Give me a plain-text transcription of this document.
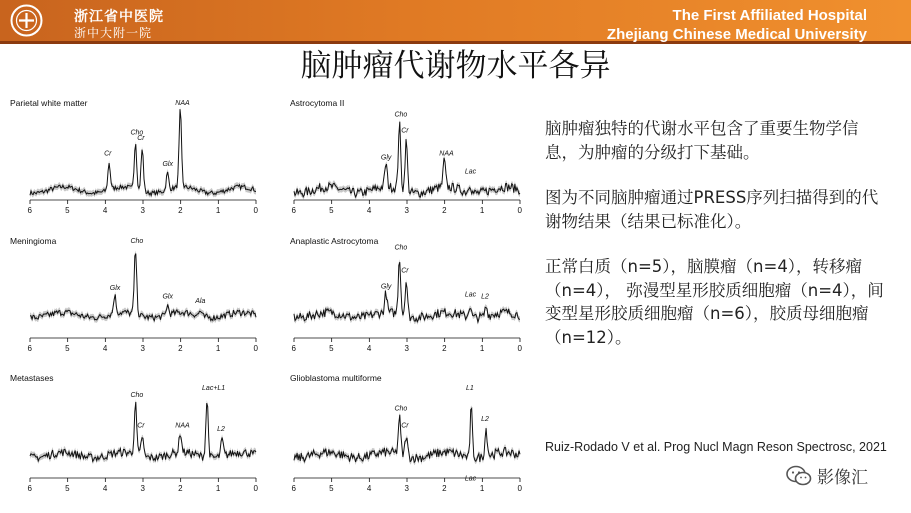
浙江省中医院
浙中大附一院
The First Affiliated Hospital
Zhejiang Chinese Medical University
脑肿瘤代谢物水平各异
Parietal white matter
Cr
Cho
Cr
Glx
NAA
6	5	4	3	2	1	0
Astrocytoma II
Gly
Cho
Cr
NAA
Lac
6	5	4	3	2	1	0
Meningioma
Glx
Cho
Glx
Ala
6	5	4	3	2	1	0
Anaplastic Astrocytoma
Gly
Cho
Cr
Lac L2
6	5	4	3	2	1	0
Metastases
Cho
Cr	NAA
Lac+L1
L2
6	5	4	3	2	1	0
Glioblastoma multiforme
Cho
Cr
L1
L2
Lac
6	5	4	3	2	1	0

脑肿瘤独特的代谢水平包含了重要生物学信息，为肿瘤的分级打下基础。

图为不同脑肿瘤通过PRESS序列扫描得到的代谢物结果（结果已标准化）。

正常白质（n=5），脑膜瘤（n=4），转移瘤（n=4）， 弥漫型星形胶质细胞瘤（n=4），间变型星形胶质细胞瘤（n=6），胶质母细胞瘤（n=12）。

Ruiz-Rodado V et al. Prog Nucl Magn Reson Spectrosc, 2021
影像汇
